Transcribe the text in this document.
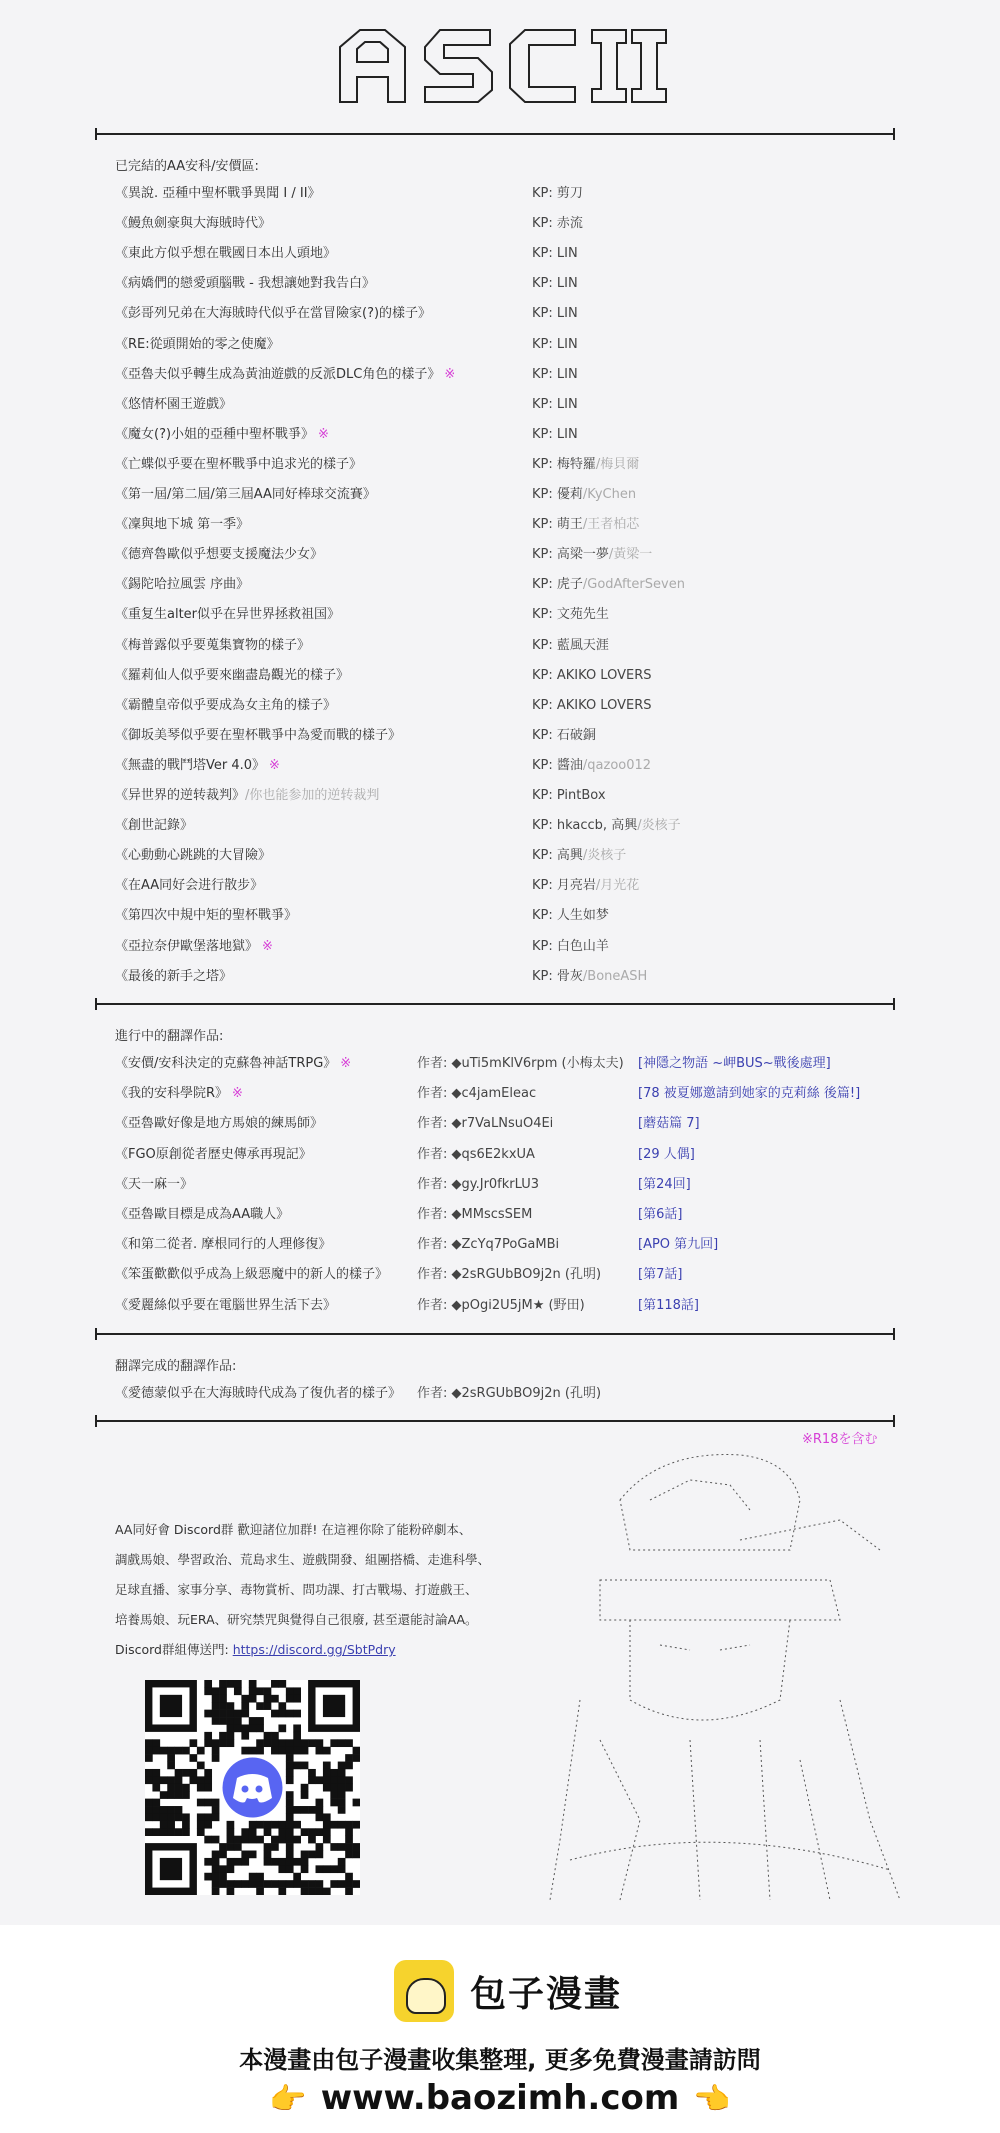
ASCII
已完結的AA安科/安價區:
《異說. 亞種中聖杯戰爭異聞 I / II》	KP: 剪刀
《鰻魚劍豪與大海賊時代》	KP: 赤流
《東此方似乎想在戰國日本出人頭地》	KP: LIN
《病嬌們的戀愛頭腦戰 - 我想讓她對我告白》	KP: LIN
《彭哥列兄弟在大海賊時代似乎在當冒險家(?)的樣子》	KP: LIN
《RE:從頭開始的零之使魔》	KP: LIN
《亞魯夫似乎轉生成為黃油遊戲的反派DLC角色的樣子》 ※	KP: LIN
《悠情杯園王遊戲》	KP: LIN
《魔女(?)小姐的亞種中聖杯戰爭》 ※	KP: LIN
《亡蝶似乎要在聖杯戰爭中追求光的樣子》	KP: 梅特羅/梅貝爾
《第一屆/第二屆/第三屆AA同好棒球交流賽》	KP: 優莉/KyChen
《凜與地下城 第一季》	KP: 萌王/王者柏芯
《德齊魯歐似乎想要支援魔法少女》	KP: 高梁一夢/黃梁一
《錫陀哈拉風雲 序曲》	KP: 虎子/GodAfterSeven
《重复生alter似乎在异世界拯救祖国》	KP: 文苑先生
《梅普露似乎要蒐集寶物的樣子》	KP: 藍風天涯
《羅莉仙人似乎要來幽盡島觀光的樣子》	KP: AKIKO LOVERS
《霸體皇帝似乎要成為女主角的樣子》	KP: AKIKO LOVERS
《御坂美琴似乎要在聖杯戰爭中為愛而戰的樣子》	KP: 石破銅
《無盡的戰鬥塔Ver 4.0》 ※	KP: 醬油/qazoo012
《异世界的逆转裁判》/你也能参加的逆转裁判	KP: PintBox
《創世記錄》	KP: hkaccb, 高興/炎核子
《心動動心跳跳的大冒險》	KP: 高興/炎核子
《在AA同好会进行散步》	KP: 月亮岩/月光花
《第四次中規中矩的聖杯戰爭》	KP: 人生如梦
《亞拉奈伊歐堡落地獄》 ※	KP: 白色山羊
《最後的新手之塔》	KP: 骨灰/BoneASH
進行中的翻譯作品:
《安價/安科決定的克蘇魯神話TRPG》 ※	作者: ◆uTi5mKlV6rpm (小梅太夫) [神隱之物語 ~岬BUS~戰後處理]
《我的安科學院R》 ※	作者: ◆c4jamEleac	[78 被夏娜邀請到她家的克莉絲 後篇!]
《亞魯歐好像是地方馬娘的練馬師》	作者: ◆r7VaLNsuO4Ei	[蘑菇篇 7]
《FGO原創從者歷史傳承再現記》	作者: ◆qs6E2kxUA	[29 人偶]
《天一麻一》	作者: ◆gy.Jr0fkrLU3	[第24回]
《亞魯歐目標是成為AA職人》	作者: ◆MMscsSEM	[第6話]
《和第二從者. 摩根同行的人理修復》	作者: ◆ZcYq7PoGaMBi	[APO 第九回]
《笨蛋歡歡似乎成為上級惡魔中的新人的樣子》 作者: ◆2sRGUbBO9j2n (孔明)	[第7話]
《愛麗絲似乎要在電腦世界生活下去》	作者: ◆pOgi2U5jM★ (野田)	[第118話]
翻譯完成的翻譯作品:
《愛德蒙似乎在大海賊時代成為了復仇者的樣子》 作者: ◆2sRGUbBO9j2n (孔明)
※R18を含む
AA同好會 Discord群 歡迎諸位加群! 在這裡你除了能粉碎劇本、
調戲馬娘、學習政治、荒島求生、遊戲開發、組團搭橋、走進科學、
足球直播、家事分享、毒物賞析、問功課、打古戰場、打遊戲王、
培養馬娘、玩ERA、研究禁咒與覺得自己很廢, 甚至還能討論AA。
Discord群組傳送門: https://discord.gg/SbtPdry
包子漫畫
本漫畫由包子漫畫收集整理, 更多免費漫畫請訪問
👉 www.baozimh.com 👈
